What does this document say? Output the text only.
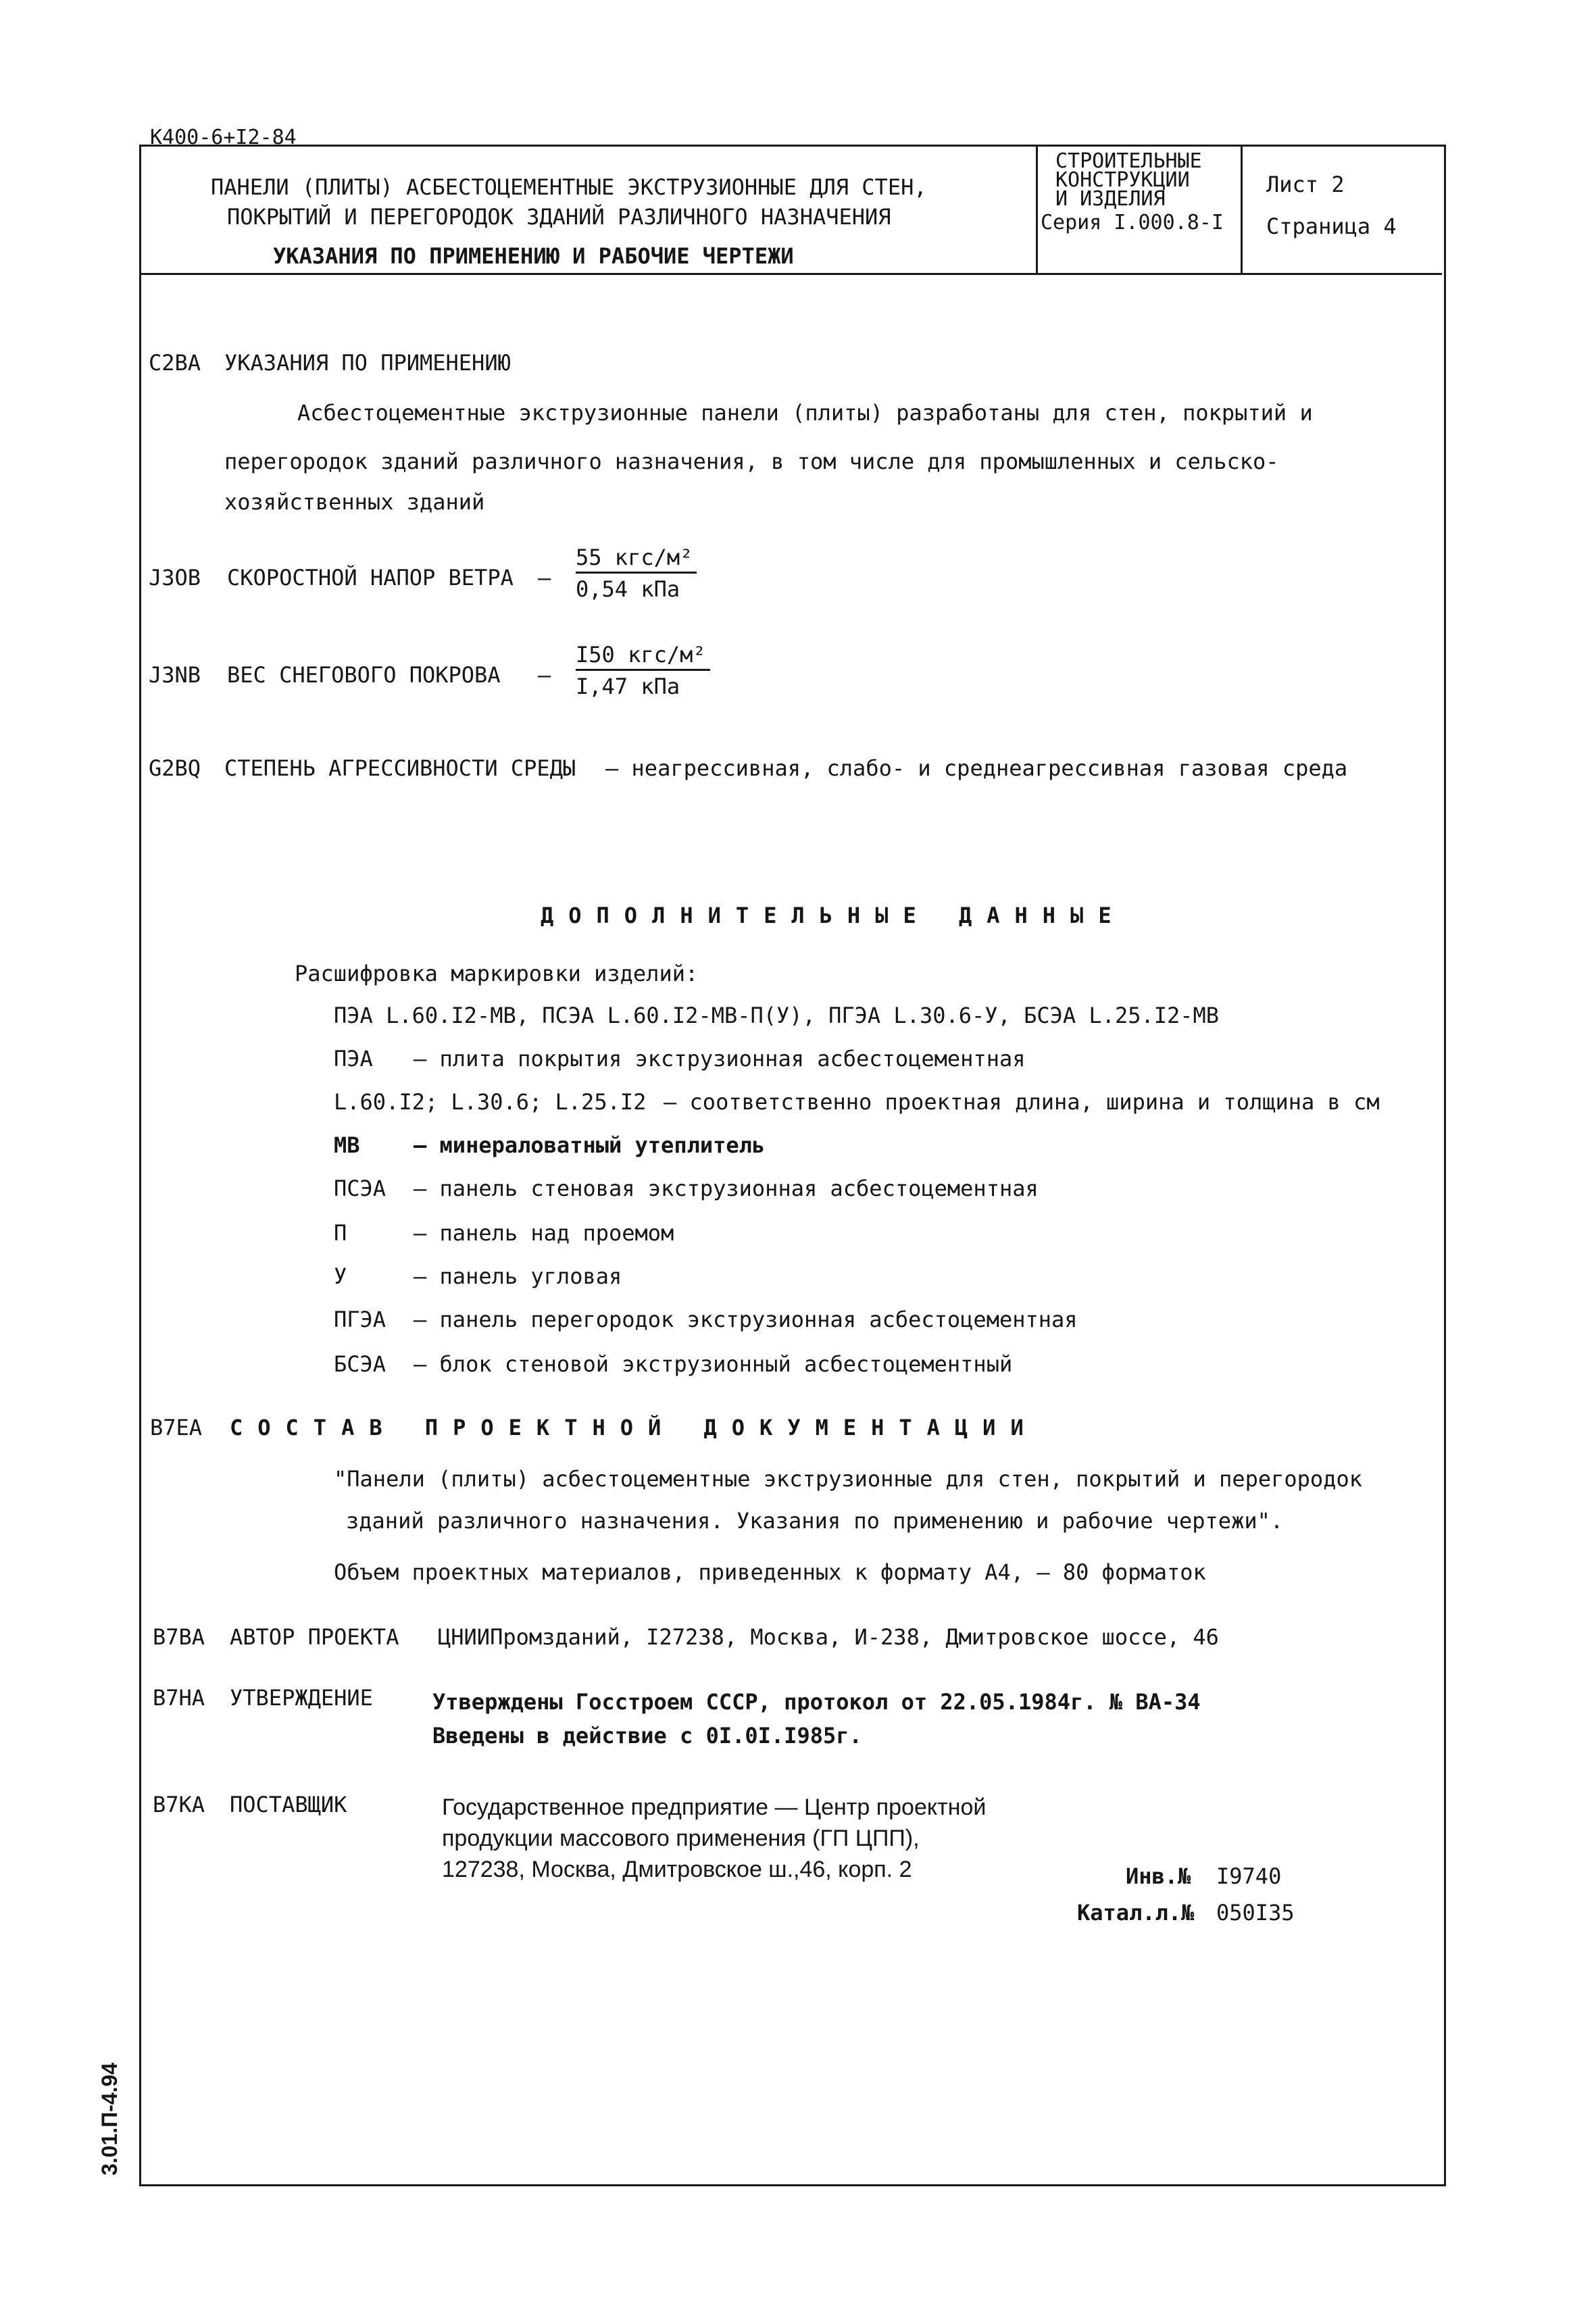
К400-6+I2-84
ПАНЕЛИ (ПЛИТЫ) АСБЕСТОЦЕМЕНТНЫЕ ЭКСТРУЗИОННЫЕ ДЛЯ СТЕН,
ПОКРЫТИЙ И ПЕРЕГОРОДОК ЗДАНИЙ РАЗЛИЧНОГО НАЗНАЧЕНИЯ
УКАЗАНИЯ ПО ПРИМЕНЕНИЮ И РАБОЧИЕ ЧЕРТЕЖИ
СТРОИТЕЛЬНЫЕ
КОНСТРУКЦИИ
И ИЗДЕЛИЯ
Серия I.000.8-I
Лист 2
Страница 4
С2ВА УКАЗАНИЯ ПО ПРИМЕНЕНИЮ
Асбестоцементные экструзионные панели (плиты) разработаны для стен, покрытий и
перегородок зданий различного назначения, в том числе для промышленных и сельско-
хозяйственных зданий
ЈЗОВ СКОРОСТНОЙ НАПОР ВЕТРА –
55 кгс/м²
0,54 кПа
ЈЗNВ ВЕС СНЕГОВОГО ПОКРОВА –
I50 кгс/м²
I,47 кПа
G2BQ СТЕПЕНЬ АГРЕССИВНОСТИ СРЕДЫ – неагрессивная, слабо- и среднеагрессивная газовая среда
ДОПОЛНИТЕЛЬНЫЕ ДАННЫЕ
Расшифровка маркировки изделий:
ПЭА L.60.I2-МВ, ПСЭА L.60.I2-МВ-П(У), ПГЭА L.30.6-У, БСЭА L.25.I2-МВ
ПЭА – плита покрытия экструзионная асбестоцементная
L.60.I2; L.30.6; L.25.I2 – соответственно проектная длина, ширина и толщина в см
МВ – минераловатный утеплитель
ПСЭА – панель стеновая экструзионная асбестоцементная
П	– панель над проемом
У	– панель угловая
ПГЭА – панель перегородок экструзионная асбестоцементная
БСЭА – блок стеновой экструзионный асбестоцементный
В7ЕА СОСТАВ ПРОЕКТНОЙ ДОКУМЕНТАЦИИ
"Панели (плиты) асбестоцементные экструзионные для стен, покрытий и перегородок
зданий различного назначения. Указания по применению и рабочие чертежи".
Объем проектных материалов, приведенных к формату А4, – 80 форматок
В7ВА АВТОР ПРОЕКТА ЦНИИПромзданий, I27238, Москва, И-238, Дмитровское шоссе, 46
В7НА УТВЕРЖДЕНИЕ	Утверждены Госстроем СССР, протокол от 22.05.1984г. № ВА-34
Введены в действие с 0I.0I.I985г.
В7КА ПОСТАВЩИК	Государственное предприятие — Центр проектной
продукции массового применения (ГП ЦПП),
127238, Москва, Дмитровское ш.,46, корп. 2	Инв.№ I9740
Катал.л.№ 050I35
3.01.П-4.94
